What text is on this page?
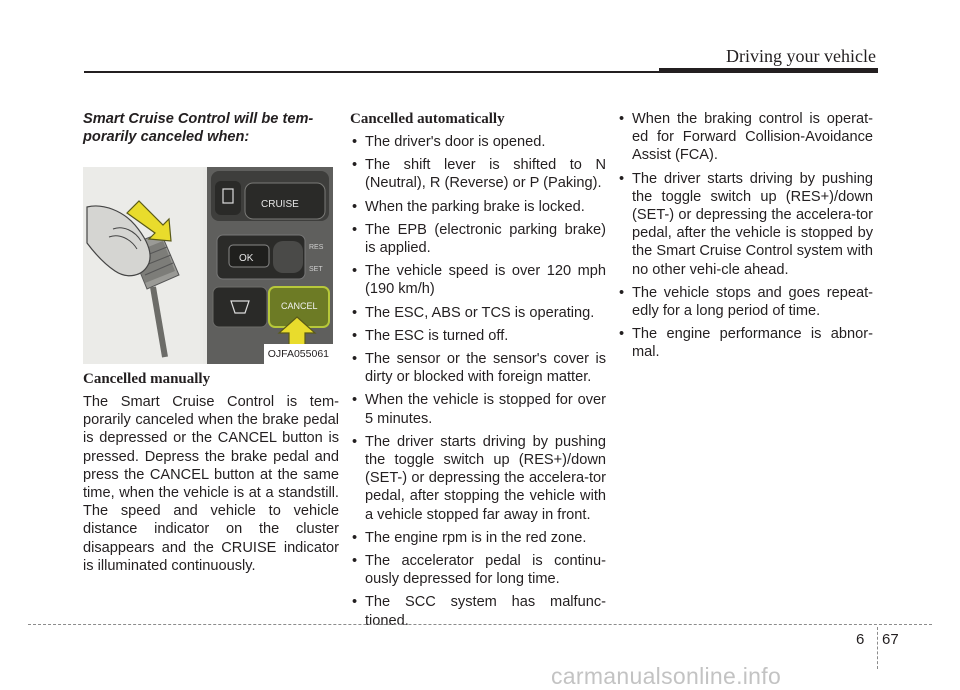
Driving your vehicle

Smart Cruise Control will be tem-porarily canceled when:

CRUISE
OK
RES
SET
CANCEL
OJFA055061

Cancelled manually

The Smart Cruise Control is tem-porarily canceled when the brake pedal is depressed or the CANCEL button is pressed. Depress the brake pedal and press the CANCEL button at the same time, when the vehicle is at a standstill. The speed and vehicle to vehicle distance indicator on the cluster disappears and the CRUISE indicator is illuminated continuously.

Cancelled automatically

• The driver's door is opened.
• The shift lever is shifted to N (Neutral), R (Reverse) or P (Paking).
• When the parking brake is locked.
• The EPB (electronic parking brake) is applied.
• The vehicle speed is over 120 mph (190 km/h)
• The ESC, ABS or TCS is operating.
• The ESC is turned off.
• The sensor or the sensor's cover is dirty or blocked with foreign matter.
• When the vehicle is stopped for over 5 minutes.
• The driver starts driving by pushing the toggle switch up (RES+)/down (SET-) or depressing the accelera-tor pedal, after stopping the vehicle with a vehicle stopped far away in front.
• The engine rpm is in the red zone.
• The accelerator pedal is continu-ously depressed for long time.
• The SCC system has malfunc-tioned.
• When the braking control is operat-ed for Forward Collision-Avoidance Assist (FCA).
• The driver starts driving by pushing the toggle switch up (RES+)/down (SET-) or depressing the accelera-tor pedal, after the vehicle is stopped by the Smart Cruise Control system with no other vehi-cle ahead.
• The vehicle stops and goes repeat-edly for a long period of time.
• The engine performance is abnor-mal.
6 67
carmanualsonline.info
